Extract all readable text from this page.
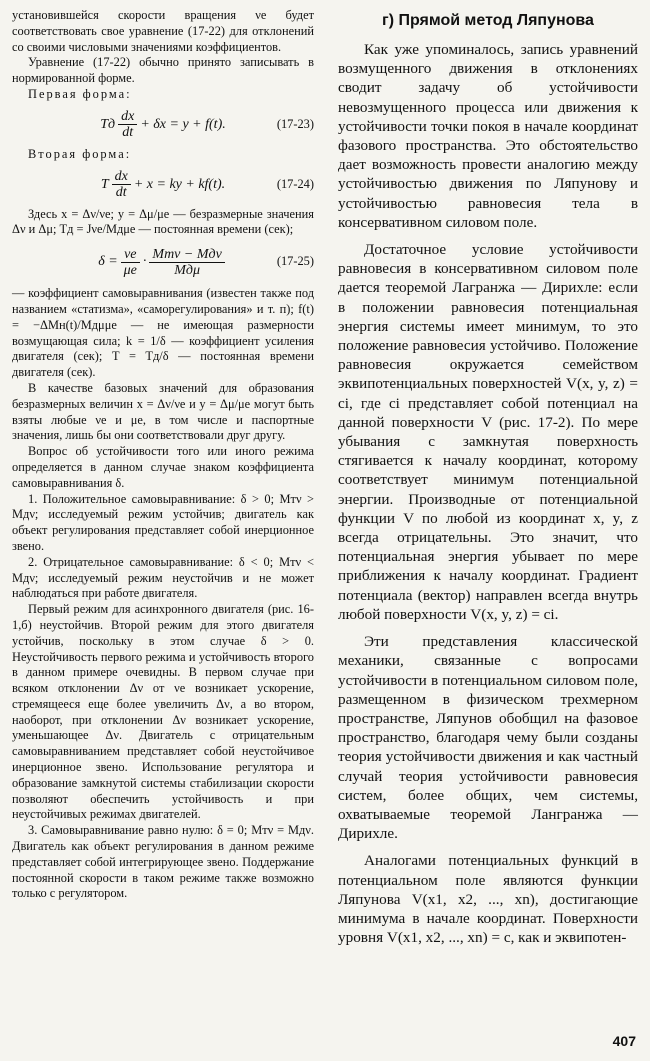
установившейся скорости вращения νe будет соответствовать свое уравнение (17-22) для отклонений со своими числовыми значениями коэффициентов.

Уравнение (17-22) обычно принято записывать в нормированной форме.

Первая форма:

Tд $\frac{dx}{dt} + \delta x = y + f(t)$.	(17-23)

Вторая форма:

T $\frac{dx}{dt} + x$ = ky + kf(t).	(17-24)

Здесь x = Δν/νe; y = Δμ/μe — безразмерные значения Δν и Δμ; Tд = Jνe/Mдμe — постоянная времени (сек);

$\delta = \frac{\nu e}{\mu e} \cdot \frac{\text{Mтν − Mдν}}{\text{Mдμ}}$	(17-25)

— коэффициент самовыравнивания (известен также под названием «статизма», «саморегулирования» и т. п); f(t) = −ΔMн(t)/Mдμμe — не имеющая размерности возмущающая сила; k = 1/δ — коэффициент усиления двигателя (сек); T = Tд/δ — постоянная времени двигателя (сек).

В качестве базовых значений для образования безразмерных величин x = Δν/νe и y = Δμ/μe могут быть взяты любые νe и μe, в том числе и паспортные значения, лишь бы они соответствовали друг другу.

Вопрос об устойчивости того или иного режима определяется в данном случае знаком коэффициента самовыравнивания δ.

1. Положительное самовыравнивание: δ > 0; Mтν > Mдν; исследуемый режим устойчив; двигатель как объект регулирования представляет собой инерционное звено.

2. Отрицательное самовыравнивание: δ < 0; Mтν < Mдν; исследуемый режим неустойчив и не может наблюдаться при работе двигателя.

Первый режим для асинхронного двигателя (рис. 16-1,б) неустойчив. Второй режим для этого двигателя устойчив, поскольку в этом случае δ > 0. Неустойчивость первого режима и устойчивость второго в данном примере очевидны. В первом случае при всяком отклонении Δν от νe возникает ускорение, стремящееся еще более увеличить Δν, а во втором, наоборот, при отклонении Δν возникает ускорение, уменьшающее Δν. Двигатель с отрицательным самовыравниванием представляет собой неустойчивое инерционное звено. Использование регулятора и образование замкнутой системы стабилизации скорости позволяют обеспечить устойчивость и при неустойчивых режимах двигателей.

3. Самовыравнивание равно нулю: δ = 0; Mтν = Mдν. Двигатель как объект регулирования в данном режиме представляет собой интегрирующее звено. Поддержание постоянной скорости в таком режиме также возможно только с регулятором.

г) Прямой метод Ляпунова

Как уже упоминалось, запись уравнений возмущенного движения в отклонениях сводит задачу об устойчивости невозмущенного процесса или движения к устойчивости точки покоя в начале координат фазового пространства. Это обстоятельство дает возможность провести аналогию между устойчивостью движения по Ляпунову и устойчивостью равновесия тела в консервативном силовом поле.

Достаточное условие устойчивости равновесия в консервативном силовом поле дается теоремой Лагранжа — Дирихле: если в положении равновесия потенциальная энергия системы имеет минимум, то это положение равновесия устойчиво. Положение равновесия окружается семейством эквипотенциальных поверхностей V(x, y, z) = ci, где ci представляет собой потенциал на данной поверхности V (рис. 17-2). По мере убывания c замкнутая поверхность стягивается к началу координат, которому соответствует минимум потенциальной энергии. Производные от потенциальной функции V по любой из координат x, y, z всегда отрицательны. Это значит, что потенциальная энергия убывает по мере приближения к началу координат. Градиент потенциала (вектор) направлен всегда внутрь любой поверхности V(x, y, z) = ci.

Эти представления классической механики, связанные с вопросами устойчивости в потенциальном силовом поле, размещенном в физическом трехмерном пространстве, Ляпунов обобщил на фазовое пространство, благодаря чему были созданы теория устойчивости движения и как частный случай теория устойчивости равновесия систем, более общих, чем системы, охватываемые теоремой Лангранжа — Дирихле.

Аналогами потенциальных функций в потенциальном поле являются функции Ляпунова V(x1, x2, ..., xn), достигающие минимума в начале координат. Поверхности уровня V(x1, x2, ..., xn) = c, как и эквипотен-

407
